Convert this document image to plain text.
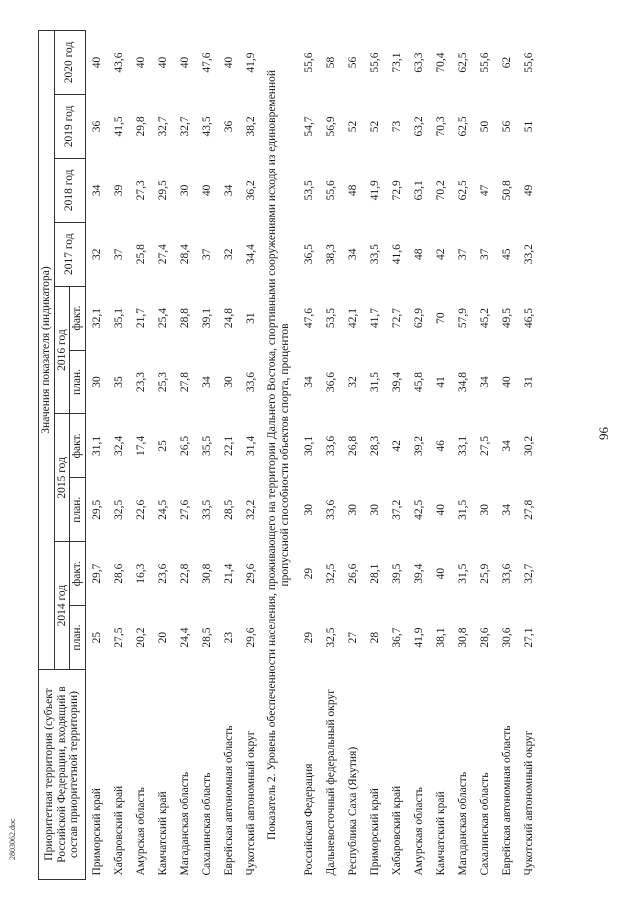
96
Приоритетная территория (субъект Российской Федерации, входящий в состав приоритетной территории)	Значения показателя (индикатора)									
	2014 год		2015 год		2016 год		2017 год	2018 год	2019 год	2020 год
	план.	факт.	план.	факт.	план.	факт.				
Приморский край	25	29,7	29,5	31,1	30	32,1	32	34	36	40
Хабаровский край	27,5	28,6	32,5	32,4	35	35,1	37	39	41,5	43,6
Амурская область	20,2	16,3	22,6	17,4	23,3	21,7	25,8	27,3	29,8	40
Камчатский край	20	23,6	24,5	25	25,3	25,4	27,4	29,5	32,7	40
Магаданская область	24,4	22,8	27,6	26,5	27,8	28,8	28,4	30	32,7	40
Сахалинская область	28,5	30,8	33,5	35,5	34	39,1	37	40	43,5	47,6
Еврейская автономная область	23	21,4	28,5	22,1	30	24,8	32	34	36	40
Чукотский автономный округ	29,6	29,6	32,2	31,4	33,6	31	34,4	36,2	38,2	41,9
Показатель 2. Уровень обеспеченности населения, проживающего на территории Дальнего Востока, спортивными сооружениями исходя из единовременной пропускной способности объектов спорта, процентов										
Российская Федерация	29	29	30	30,1	34	47,6	36,5	53,5	54,7	55,6
Дальневосточный федеральный округ	32,5	32,5	33,6	33,6	36,6	53,5	38,3	55,6	56,9	58
Республика Саха (Якутия)	27	26,6	30	26,8	32	42,1	34	48	52	56
Приморский край	28	28,1	30	28,3	31,5	41,7	33,5	41,9	52	55,6
Хабаровский край	36,7	39,5	37,2	42	39,4	72,7	41,6	72,9	73	73,1
Амурская область	41,9	39,4	42,5	39,2	45,8	62,9	48	63,1	63,2	63,3
Камчатский край	38,1	40	40	46	41	70	42	70,2	70,3	70,4
Магаданская область	30,8	31,5	31,5	33,1	34,8	57,9	37	62,5	62,5	62,5
Сахалинская область	28,6	25,9	30	27,5	34	45,2	37	47	50	55,6
Еврейская автономная область	30,6	33,6	34	34	40	49,5	45	50,8	56	62
Чукотский автономный округ	27,1	32,7	27,8	30,2	31	46,5	33,2	49	51	55,6
2803062.doc
